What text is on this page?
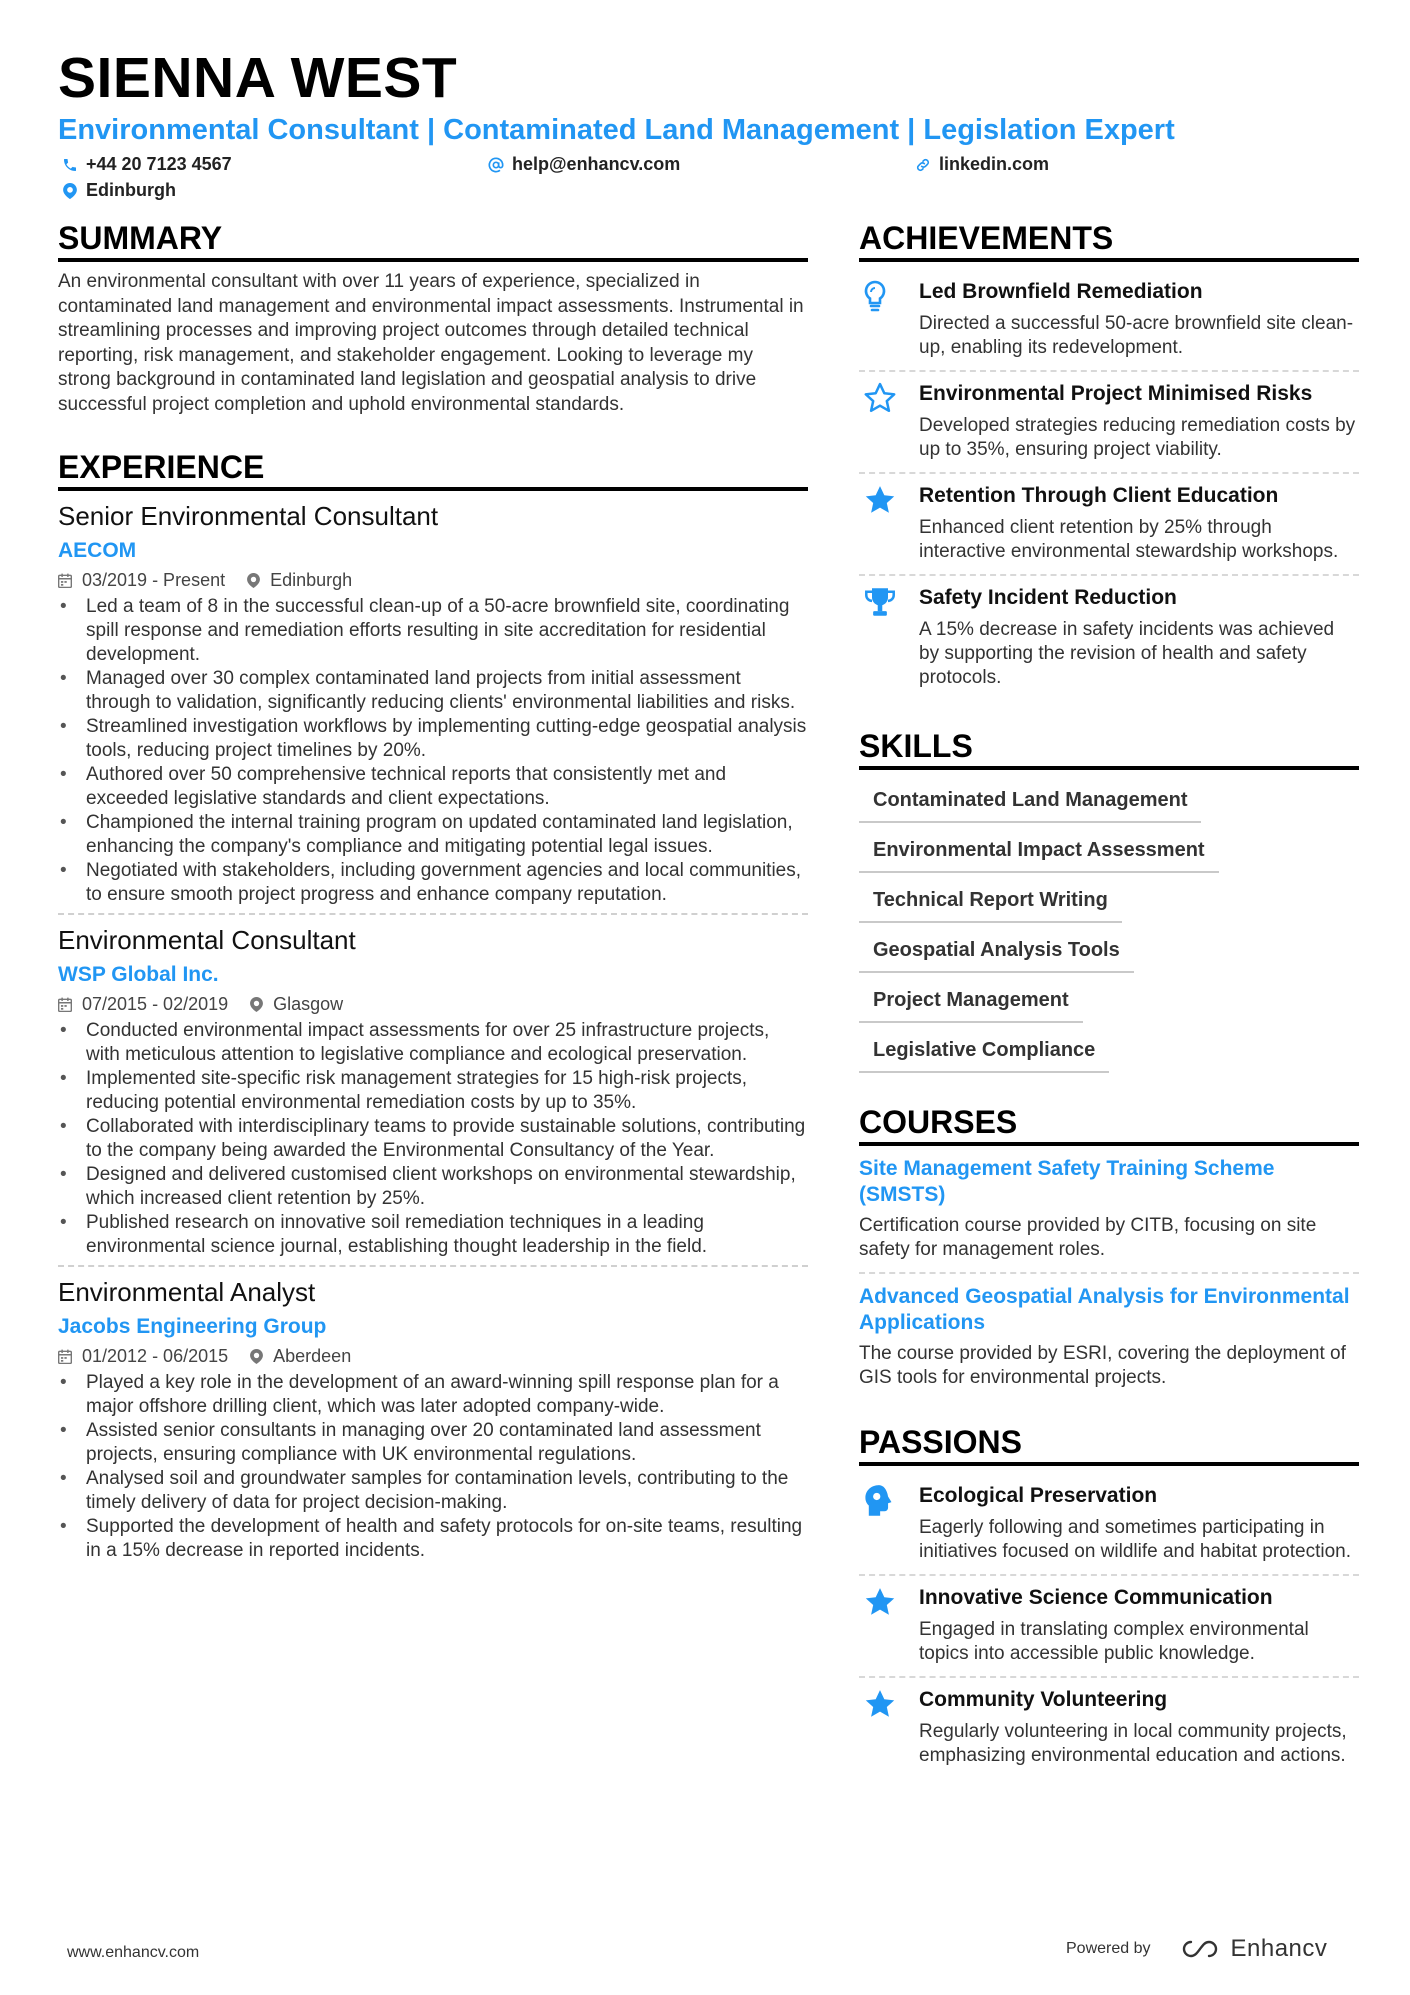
SIENNA WEST
Environmental Consultant | Contaminated Land Management | Legislation Expert
+44 20 7123 4567	help@enhancv.com	linkedin.com
Edinburgh
SUMMARY

An environmental consultant with over 11 years of experience, specialized in contaminated land management and environmental impact assessments. Instrumental in streamlining processes and improving project outcomes through detailed technical reporting, risk management, and stakeholder engagement. Looking to leverage my strong background in contaminated land legislation and geospatial analysis to drive successful project completion and uphold environmental standards.

EXPERIENCE
Senior Environmental Consultant
AECOM
03/2019 - Present	Edinburgh
• Led a team of 8 in the successful clean-up of a 50-acre brownfield site, coordinating spill response and remediation efforts resulting in site accreditation for residential development.
• Managed over 30 complex contaminated land projects from initial assessment through to validation, significantly reducing clients' environmental liabilities and risks.
• Streamlined investigation workflows by implementing cutting-edge geospatial analysis tools, reducing project timelines by 20%.
• Authored over 50 comprehensive technical reports that consistently met and exceeded legislative standards and client expectations.
• Championed the internal training program on updated contaminated land legislation, enhancing the company's compliance and mitigating potential legal issues.
• Negotiated with stakeholders, including government agencies and local communities, to ensure smooth project progress and enhance company reputation.
Environmental Consultant
WSP Global Inc.
07/2015 - 02/2019	Glasgow
• Conducted environmental impact assessments for over 25 infrastructure projects, with meticulous attention to legislative compliance and ecological preservation.
• Implemented site-specific risk management strategies for 15 high-risk projects, reducing potential environmental remediation costs by up to 35%.
• Collaborated with interdisciplinary teams to provide sustainable solutions, contributing to the company being awarded the Environmental Consultancy of the Year.
• Designed and delivered customised client workshops on environmental stewardship, which increased client retention by 25%.
• Published research on innovative soil remediation techniques in a leading environmental science journal, establishing thought leadership in the field.
Environmental Analyst
Jacobs Engineering Group
01/2012 - 06/2015	Aberdeen
• Played a key role in the development of an award-winning spill response plan for a major offshore drilling client, which was later adopted company-wide.
• Assisted senior consultants in managing over 20 contaminated land assessment projects, ensuring compliance with UK environmental regulations.
• Analysed soil and groundwater samples for contamination levels, contributing to the timely delivery of data for project decision-making.
• Supported the development of health and safety protocols for on-site teams, resulting in a 15% decrease in reported incidents.
ACHIEVEMENTS
Led Brownfield Remediation
Directed a successful 50-acre brownfield site clean-up, enabling its redevelopment.
Environmental Project Minimised Risks
Developed strategies reducing remediation costs by up to 35%, ensuring project viability.
Retention Through Client Education
Enhanced client retention by 25% through interactive environmental stewardship workshops.
Safety Incident Reduction
A 15% decrease in safety incidents was achieved by supporting the revision of health and safety protocols.
SKILLS
Contaminated Land Management
Environmental Impact Assessment
Technical Report Writing
Geospatial Analysis Tools
Project Management
Legislative Compliance
COURSES
Site Management Safety Training Scheme (SMSTS)
Certification course provided by CITB, focusing on site safety for management roles.
Advanced Geospatial Analysis for Environmental Applications
The course provided by ESRI, covering the deployment of GIS tools for environmental projects.
PASSIONS
Ecological Preservation
Eagerly following and sometimes participating in initiatives focused on wildlife and habitat protection.
Innovative Science Communication
Engaged in translating complex environmental topics into accessible public knowledge.
Community Volunteering
Regularly volunteering in local community projects, emphasizing environmental education and actions.
www.enhancv.com	Powered by	Enhancv
